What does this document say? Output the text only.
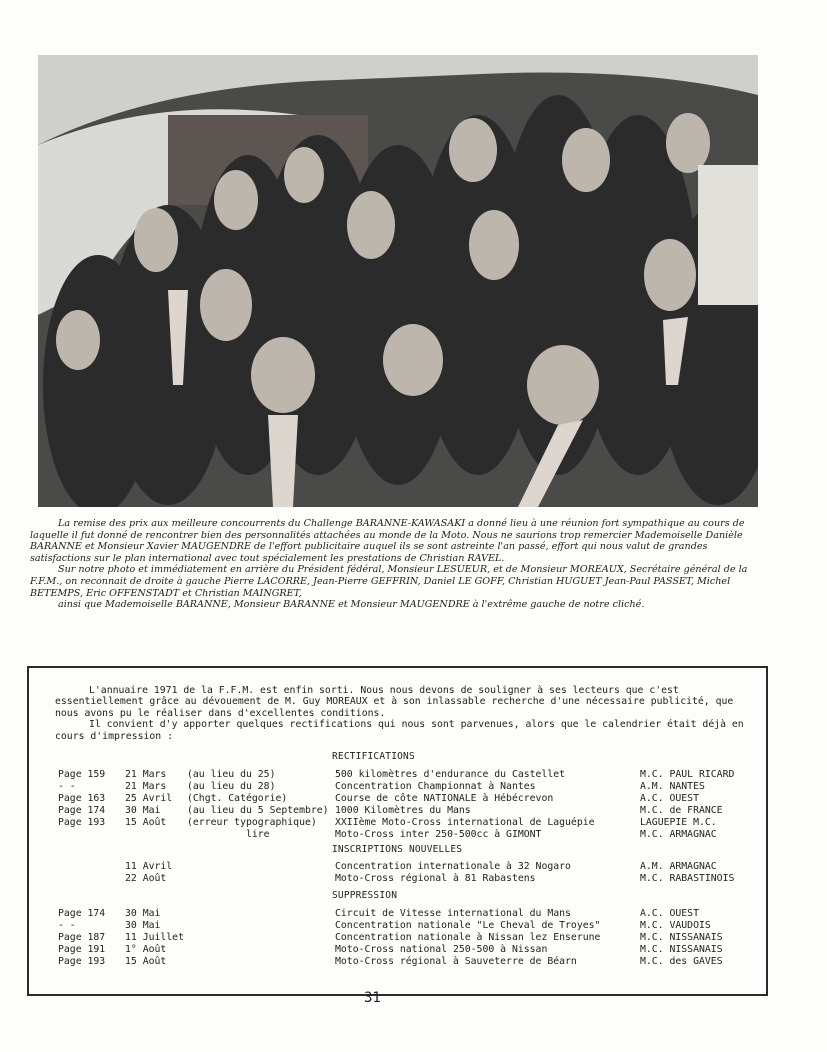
La remise des prix aux meilleure concourrents du Challenge BARANNE-KAWASAKI a donné lieu à une réunion fort sympathique au cours de laquelle il fut donné de rencontrer bien des personnalités attachées au monde de la Moto. Nous ne saurions trop remercier Mademoiselle Danièle BARANNE et Monsieur Xavier MAUGENDRE de l'effort publicitaire auquel ils se sont astreinte l'an passé, effort qui nous valut de grandes satisfactions sur le plan international avec tout spécialement les prestations de Christian RAVEL.

Sur notre photo et immédiatement en arrière du Président fédéral, Monsieur LESUEUR, et de Monsieur MOREAUX, Secrétaire général de la F.F.M., on reconnait de droite à gauche Pierre LACORRE, Jean-Pierre GEFFRIN, Daniel LE GOFF, Christian HUGUET Jean-Paul PASSET, Michel BETEMPS, Eric OFFENSTADT et Christian MAINGRET,

ainsi que Mademoiselle BARANNE, Monsieur BARANNE et Monsieur MAUGENDRE à l'extrême gauche de notre cliché.

L'annuaire 1971 de la F.F.M. est enfin sorti. Nous nous devons de souligner à ses lecteurs que c'est essentiellement grâce au dévouement de M. Guy MOREAUX et à son inlassable recherche d'une nécessaire publicité, que nous avons pu le réaliser dans d'excellentes conditions.

Il convient d'y apporter quelques rectifications qui nous sont parvenues, alors que le calendrier était déjà en cours d'impression :

RECTIFICATIONS
Page 159 21 Mars (au lieu du 25)	500 kilomètres d'endurance du Castellet	M.C. PAUL RICARD
- -	21 Mars (au lieu du 28)	Concentration Championnat à Nantes	A.M. NANTES
Page 163 25 Avril (Chgt. Catégorie)	Course de côte NATIONALE à Hébécrevon	A.C. OUEST
Page 174 30 Mai	(au lieu du 5 Septembre) 1000 Kilomètres du Mans	M.C. de FRANCE
Page 193 15 Août (erreur typographique) XXIIème Moto-Cross international de Laguépie	LAGUEPIE M.C.
lire	Moto-Cross inter 250-500cc à GIMONT	M.C. ARMAGNAC
INSCRIPTIONS NOUVELLES
11 Avril	Concentration internationale à 32 Nogaro	A.M. ARMAGNAC
22 Août	Moto-Cross régional à 81 Rabastens	M.C. RABASTINOIS
SUPPRESSION
Page 174 30 Mai	Circuit de Vitesse international du Mans	A.C. OUEST
- -	30 Mai	Concentration nationale "Le Cheval de Troyes"	M.C. VAUDOIS
Page 187 11 Juillet	Concentration nationale à Nissan lez Enserune	M.C. NISSANAIS
Page 191 1° Août	Moto-Cross national 250-500 à Nissan	M.C. NISSANAIS
Page 193 15 Août	Moto-Cross régional à Sauveterre de Béarn	M.C. des GAVES
31
